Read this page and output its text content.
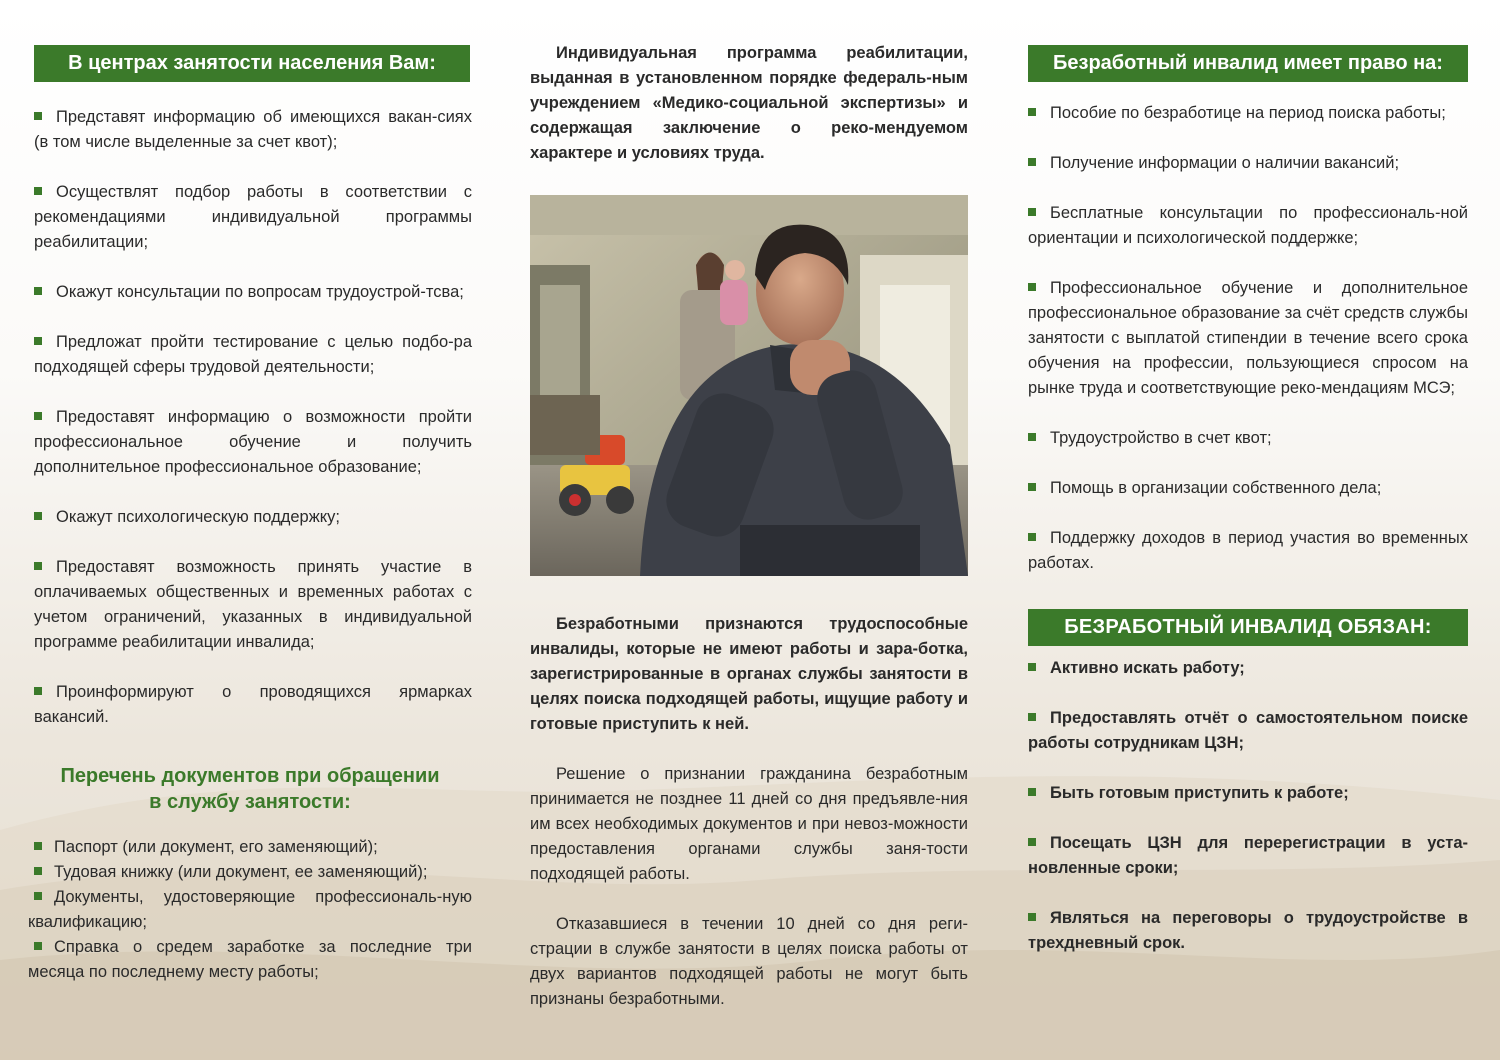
В центрах занятости населения Вам:

Представят информацию об имеющихся вакан-сиях (в том числе выделенные за счет квот);

Осуществлят подбор работы в соответствии с рекомендациями индивидуальной программы реабилитации;

Окажут консультации по вопросам трудоустрой-тсва;

Предложат пройти тестирование с целью подбо-ра подходящей сферы трудовой деятельности;

Предоставят информацию о возможности пройти профессиональное обучение и получить дополнительное профессиональное образование;

Окажут психологическую поддержку;

Предоставят возможность принять участие в оплачиваемых общественных и временных работах с учетом ограничений, указанных в индивидуальной программе реабилитации инвалида;

Проинформируют о проводящихся ярмарках вакансий.

Перечень документов при обращении
в службу занятости:

Паспорт (или документ, его заменяющий);

Тудовая книжку (или документ, ее заменяющий);

Документы, удостоверяющие профессиональ-ную квалификацию;

Справка о средем заработке за последние три месяца по последнему месту работы;

Индивидуальная программа реабилитации, выданная в установленном порядке федераль-ным учреждением «Медико-социальной экспертизы» и содержащая заключение о реко-мендуемом характере и условиях труда.

Безработными признаются трудоспособные инвалиды, которые не имеют работы и зара-ботка, зарегистрированные в органах службы занятости в целях поиска подходящей работы, ищущие работу и готовые приступить к ней.

Решение о признании гражданина безработным принимается не позднее 11 дней со дня предъявле-ния им всех необходимых документов и при невоз-можности предоставления органами службы заня-тости подходящей работы.

Отказавшиеся в течении 10 дней со дня реги-страции в службе занятости в целях поиска работы от двух вариантов подходящей работы не могут быть признаны безработными.

Безработный инвалид имеет право на:

Пособие по безработице на период поиска работы;

Получение информации о наличии вакансий;

Бесплатные консультации по профессиональ-ной ориентации и психологической поддержке;

Профессиональное обучение и дополнительное профессиональное образование за счёт средств службы занятости с выплатой стипендии в течение всего срока обучения на профессии, пользующиеся спросом на рынке труда и соответствующие реко-мендациям МСЭ;

Трудоустройство в счет квот;

Помощь в организации собственного дела;

Поддержку доходов в период участия во временных работах.

БЕЗРАБОТНЫЙ ИНВАЛИД ОБЯЗАН:

Активно искать работу;

Предоставлять отчёт о самостоятельном поиске работы сотрудникам ЦЗН;

Быть готовым приступить к работе;

Посещать ЦЗН для перерегистрации в уста-новленные сроки;

Являться на переговоры о трудоустройстве в трехдневный срок.
